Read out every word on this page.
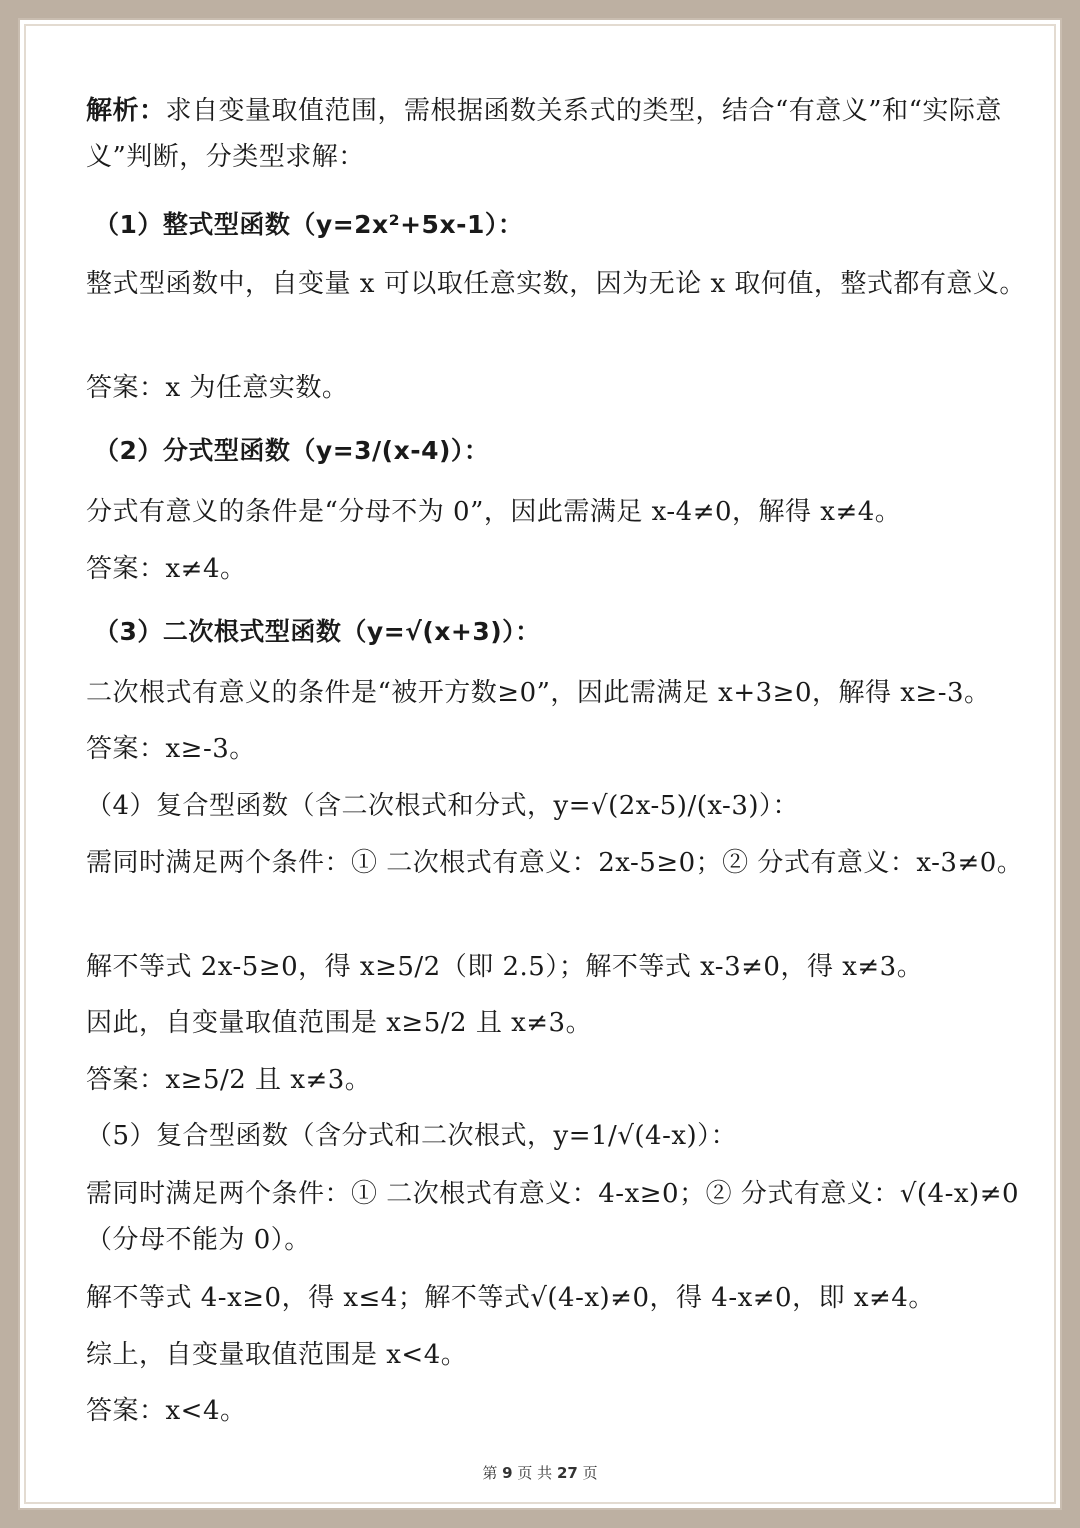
解析：求自变量取值范围，需根据函数关系式的类型，结合“有意义”和“实际意义”判断，分类型求解：

（1）整式型函数（y=2x²+5x-1）：

整式型函数中，自变量 x 可以取任意实数，因为无论 x 取何值，整式都有意义。

答案：x 为任意实数。

（2）分式型函数（y=3/(x-4)）：

分式有意义的条件是“分母不为 0”，因此需满足 x-4≠0，解得 x≠4。

答案：x≠4。

（3）二次根式型函数（y=√(x+3)）：

二次根式有意义的条件是“被开方数≥0”，因此需满足 x+3≥0，解得 x≥-3。

答案：x≥-3。

（4）复合型函数（含二次根式和分式，y=√(2x-5)/(x-3)）：

需同时满足两个条件：① 二次根式有意义：2x-5≥0；② 分式有意义：x-3≠0。

解不等式 2x-5≥0，得 x≥5/2（即 2.5）；解不等式 x-3≠0，得 x≠3。

因此，自变量取值范围是 x≥5/2 且 x≠3。

答案：x≥5/2 且 x≠3。

（5）复合型函数（含分式和二次根式，y=1/√(4-x)）：

需同时满足两个条件：① 二次根式有意义：4-x≥0；② 分式有意义：√(4-x)≠0（分母不能为 0）。

解不等式 4-x≥0，得 x≤4；解不等式√(4-x)≠0，得 4-x≠0，即 x≠4。

综上，自变量取值范围是 x<4。

答案：x<4。

第 9 页 共 27 页
